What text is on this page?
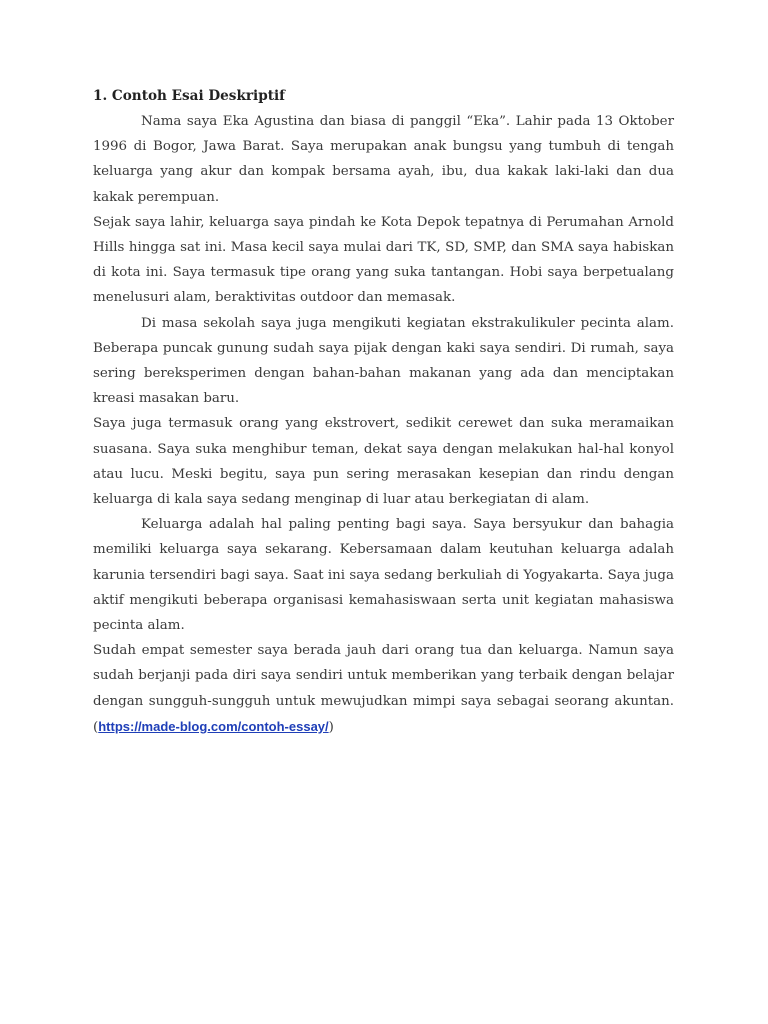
1. Contoh Esai Deskriptif

Nama saya Eka Agustina dan biasa di panggil “Eka”. Lahir pada 13 Oktober 1996 di Bogor, Jawa Barat. Saya merupakan anak bungsu yang tumbuh di tengah keluarga yang akur dan kompak bersama ayah, ibu, dua kakak laki-laki dan dua kakak perempuan.

Sejak saya lahir, keluarga saya pindah ke Kota Depok tepatnya di Perumahan Arnold Hills hingga sat ini. Masa kecil saya mulai dari TK, SD, SMP, dan SMA saya habiskan di kota ini. Saya termasuk tipe orang yang suka tantangan. Hobi saya berpetualang menelusuri alam, beraktivitas outdoor dan memasak.

Di masa sekolah saya juga mengikuti kegiatan ekstrakulikuler pecinta alam. Beberapa puncak gunung sudah saya pijak dengan kaki saya sendiri. Di rumah, saya sering bereksperimen dengan bahan-bahan makanan yang ada dan menciptakan kreasi masakan baru.

Saya juga termasuk orang yang ekstrovert, sedikit cerewet dan suka meramaikan suasana. Saya suka menghibur teman, dekat saya dengan melakukan hal-hal konyol atau lucu. Meski begitu, saya pun sering merasakan kesepian dan rindu dengan keluarga di kala saya sedang menginap di luar atau berkegiatan di alam.

Keluarga adalah hal paling penting bagi saya. Saya bersyukur dan bahagia memiliki keluarga saya sekarang. Kebersamaan dalam keutuhan keluarga adalah karunia tersendiri bagi saya. Saat ini saya sedang berkuliah di Yogyakarta. Saya juga aktif mengikuti beberapa organisasi kemahasiswaan serta unit kegiatan mahasiswa pecinta alam.

Sudah empat semester saya berada jauh dari orang tua dan keluarga. Namun saya sudah berjanji pada diri saya sendiri untuk memberikan yang terbaik dengan belajar dengan sungguh-sungguh untuk mewujudkan mimpi saya sebagai seorang akuntan. (https://made-blog.com/contoh-essay/)
